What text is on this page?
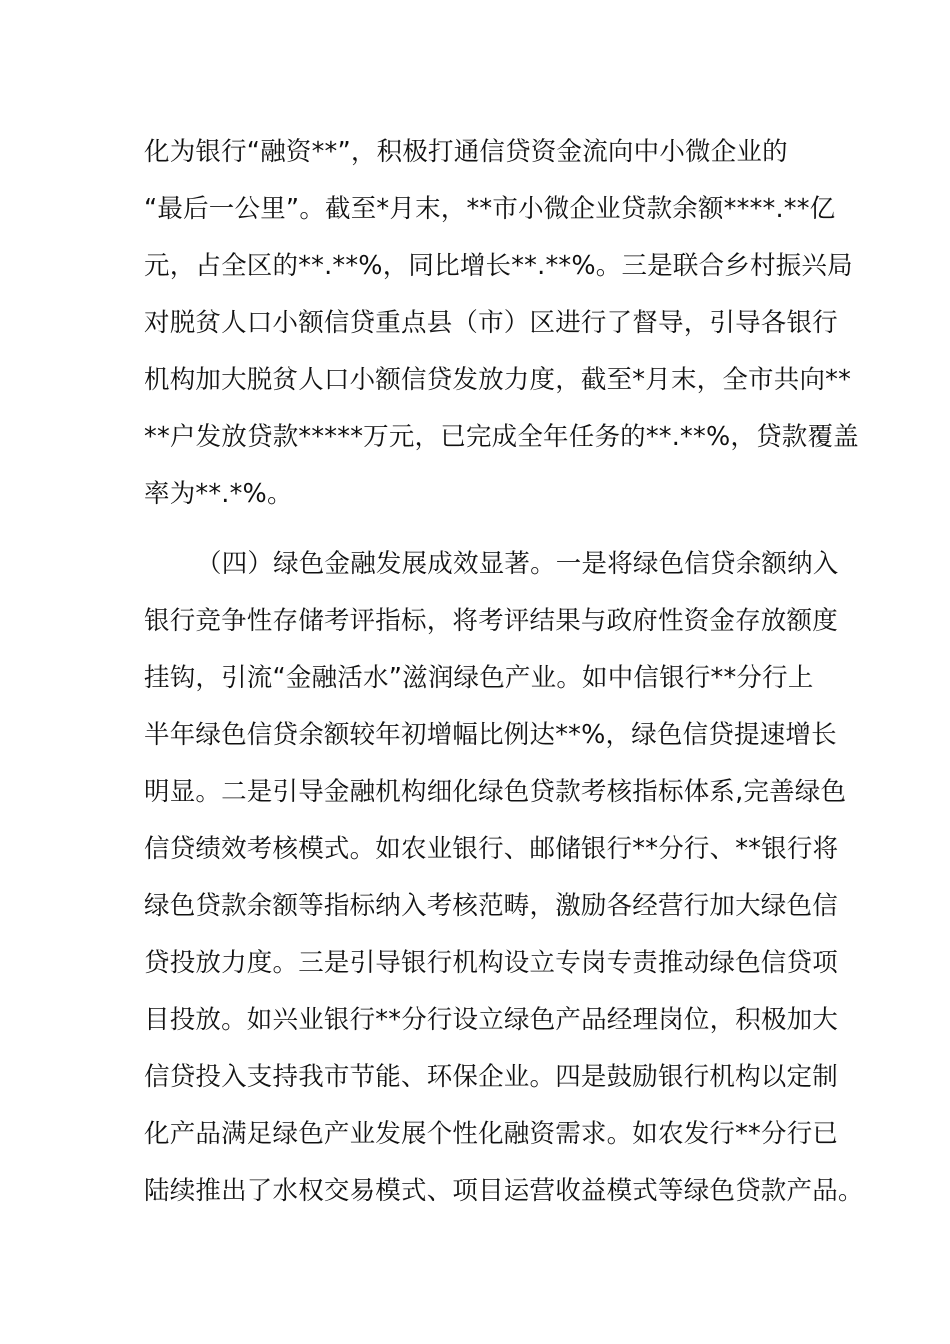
化为银行“融资**”，积极打通信贷资金流向中小微企业的
“最后一公里”。截至*月末，**市小微企业贷款余额****.**亿
元，占全区的**.**%，同比增长**.**%。三是联合乡村振兴局
对脱贫人口小额信贷重点县（市）区进行了督导，引导各银行
机构加大脱贫人口小额信贷发放力度，截至*月末，全市共向**
**户发放贷款*****万元，已完成全年任务的**.**%，贷款覆盖
率为**.*%。
（四）绿色金融发展成效显著。一是将绿色信贷余额纳入
银行竞争性存储考评指标，将考评结果与政府性资金存放额度
挂钩，引流“金融活水”滋润绿色产业。如中信银行**分行上
半年绿色信贷余额较年初增幅比例达**%，绿色信贷提速增长
明显。二是引导金融机构细化绿色贷款考核指标体系,完善绿色
信贷绩效考核模式。如农业银行、邮储银行**分行、**银行将
绿色贷款余额等指标纳入考核范畴，激励各经营行加大绿色信
贷投放力度。三是引导银行机构设立专岗专责推动绿色信贷项
目投放。如兴业银行**分行设立绿色产品经理岗位，积极加大
信贷投入支持我市节能、环保企业。四是鼓励银行机构以定制
化产品满足绿色产业发展个性化融资需求。如农发行**分行已
陆续推出了水权交易模式、项目运营收益模式等绿色贷款产品。
